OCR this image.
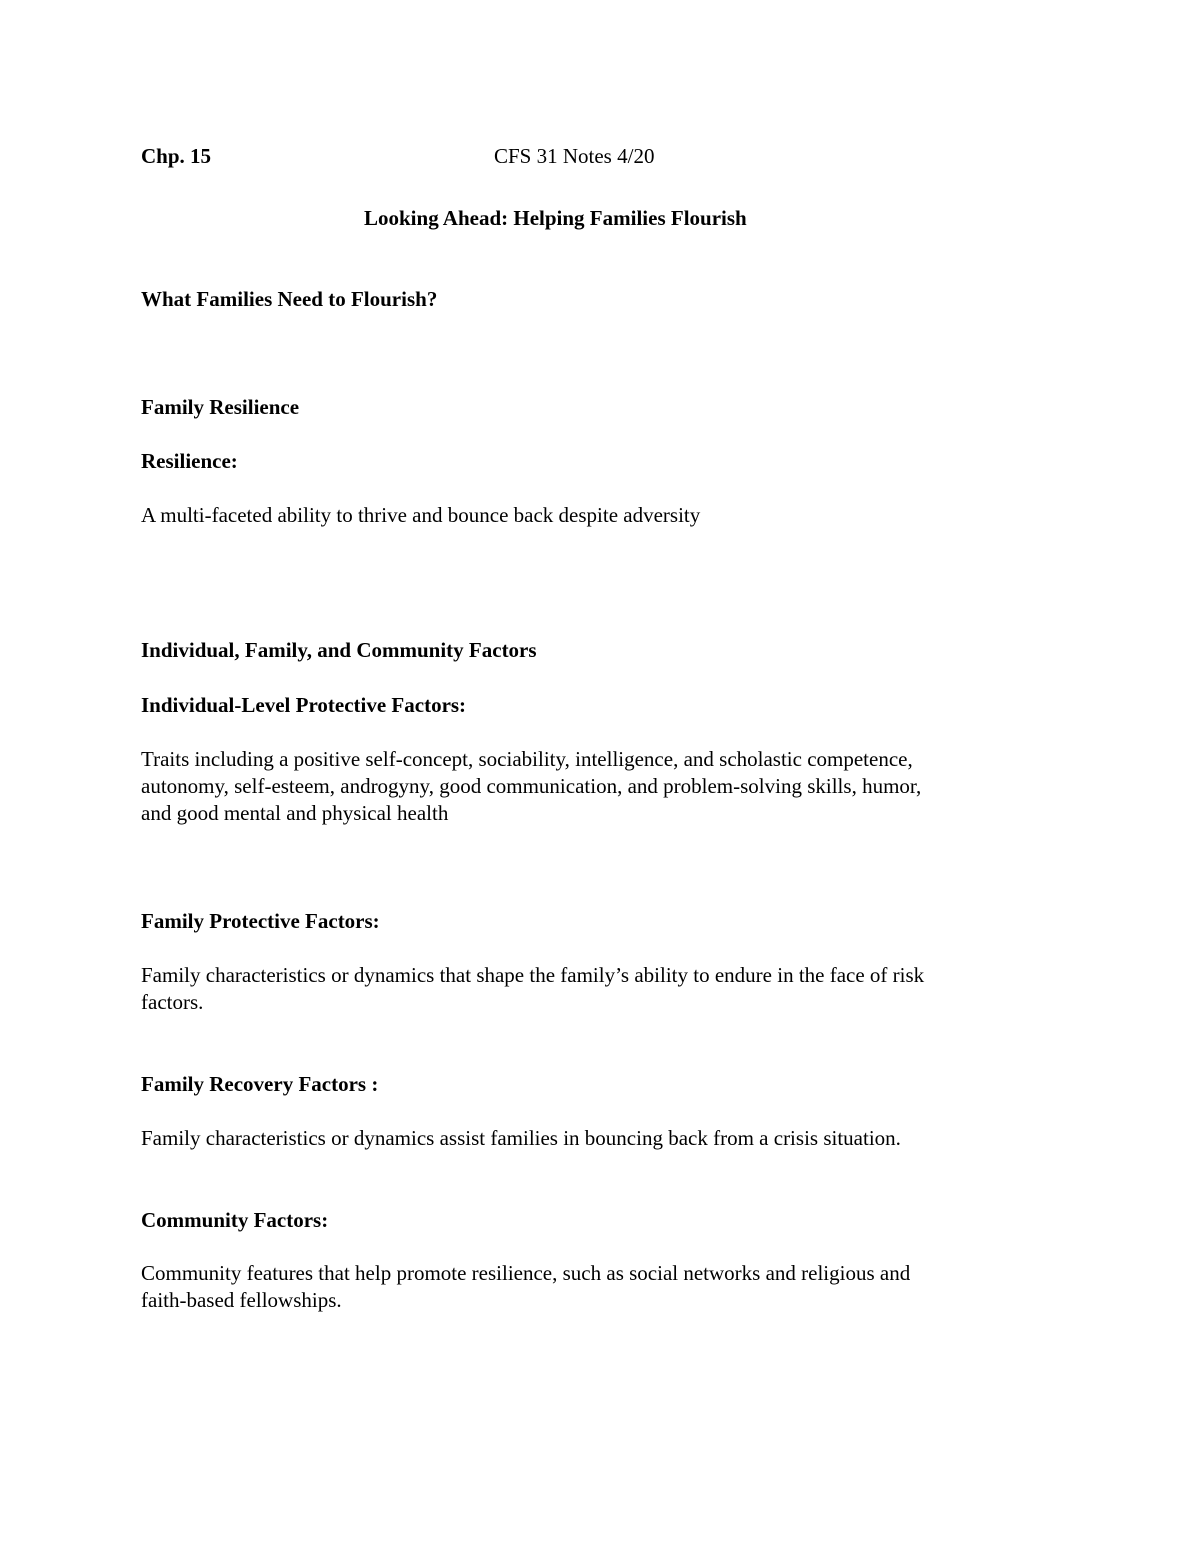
Chp. 15	CFS 31 Notes 4/20
Looking Ahead: Helping Families Flourish
What Families Need to Flourish?
Family Resilience
Resilience:
A multi-faceted ability to thrive and bounce back despite adversity
Individual, Family, and Community Factors
Individual-Level Protective Factors:
Traits including a positive self-concept, sociability, intelligence, and scholastic competence,
autonomy, self-esteem, androgyny, good communication, and problem-solving skills, humor,
and good mental and physical health
Family Protective Factors:
Family characteristics or dynamics that shape the family’s ability to endure in the face of risk
factors.
Family Recovery Factors :
Family characteristics or dynamics assist families in bouncing back from a crisis situation.
Community Factors:
Community features that help promote resilience, such as social networks and religious and
faith-based fellowships.
